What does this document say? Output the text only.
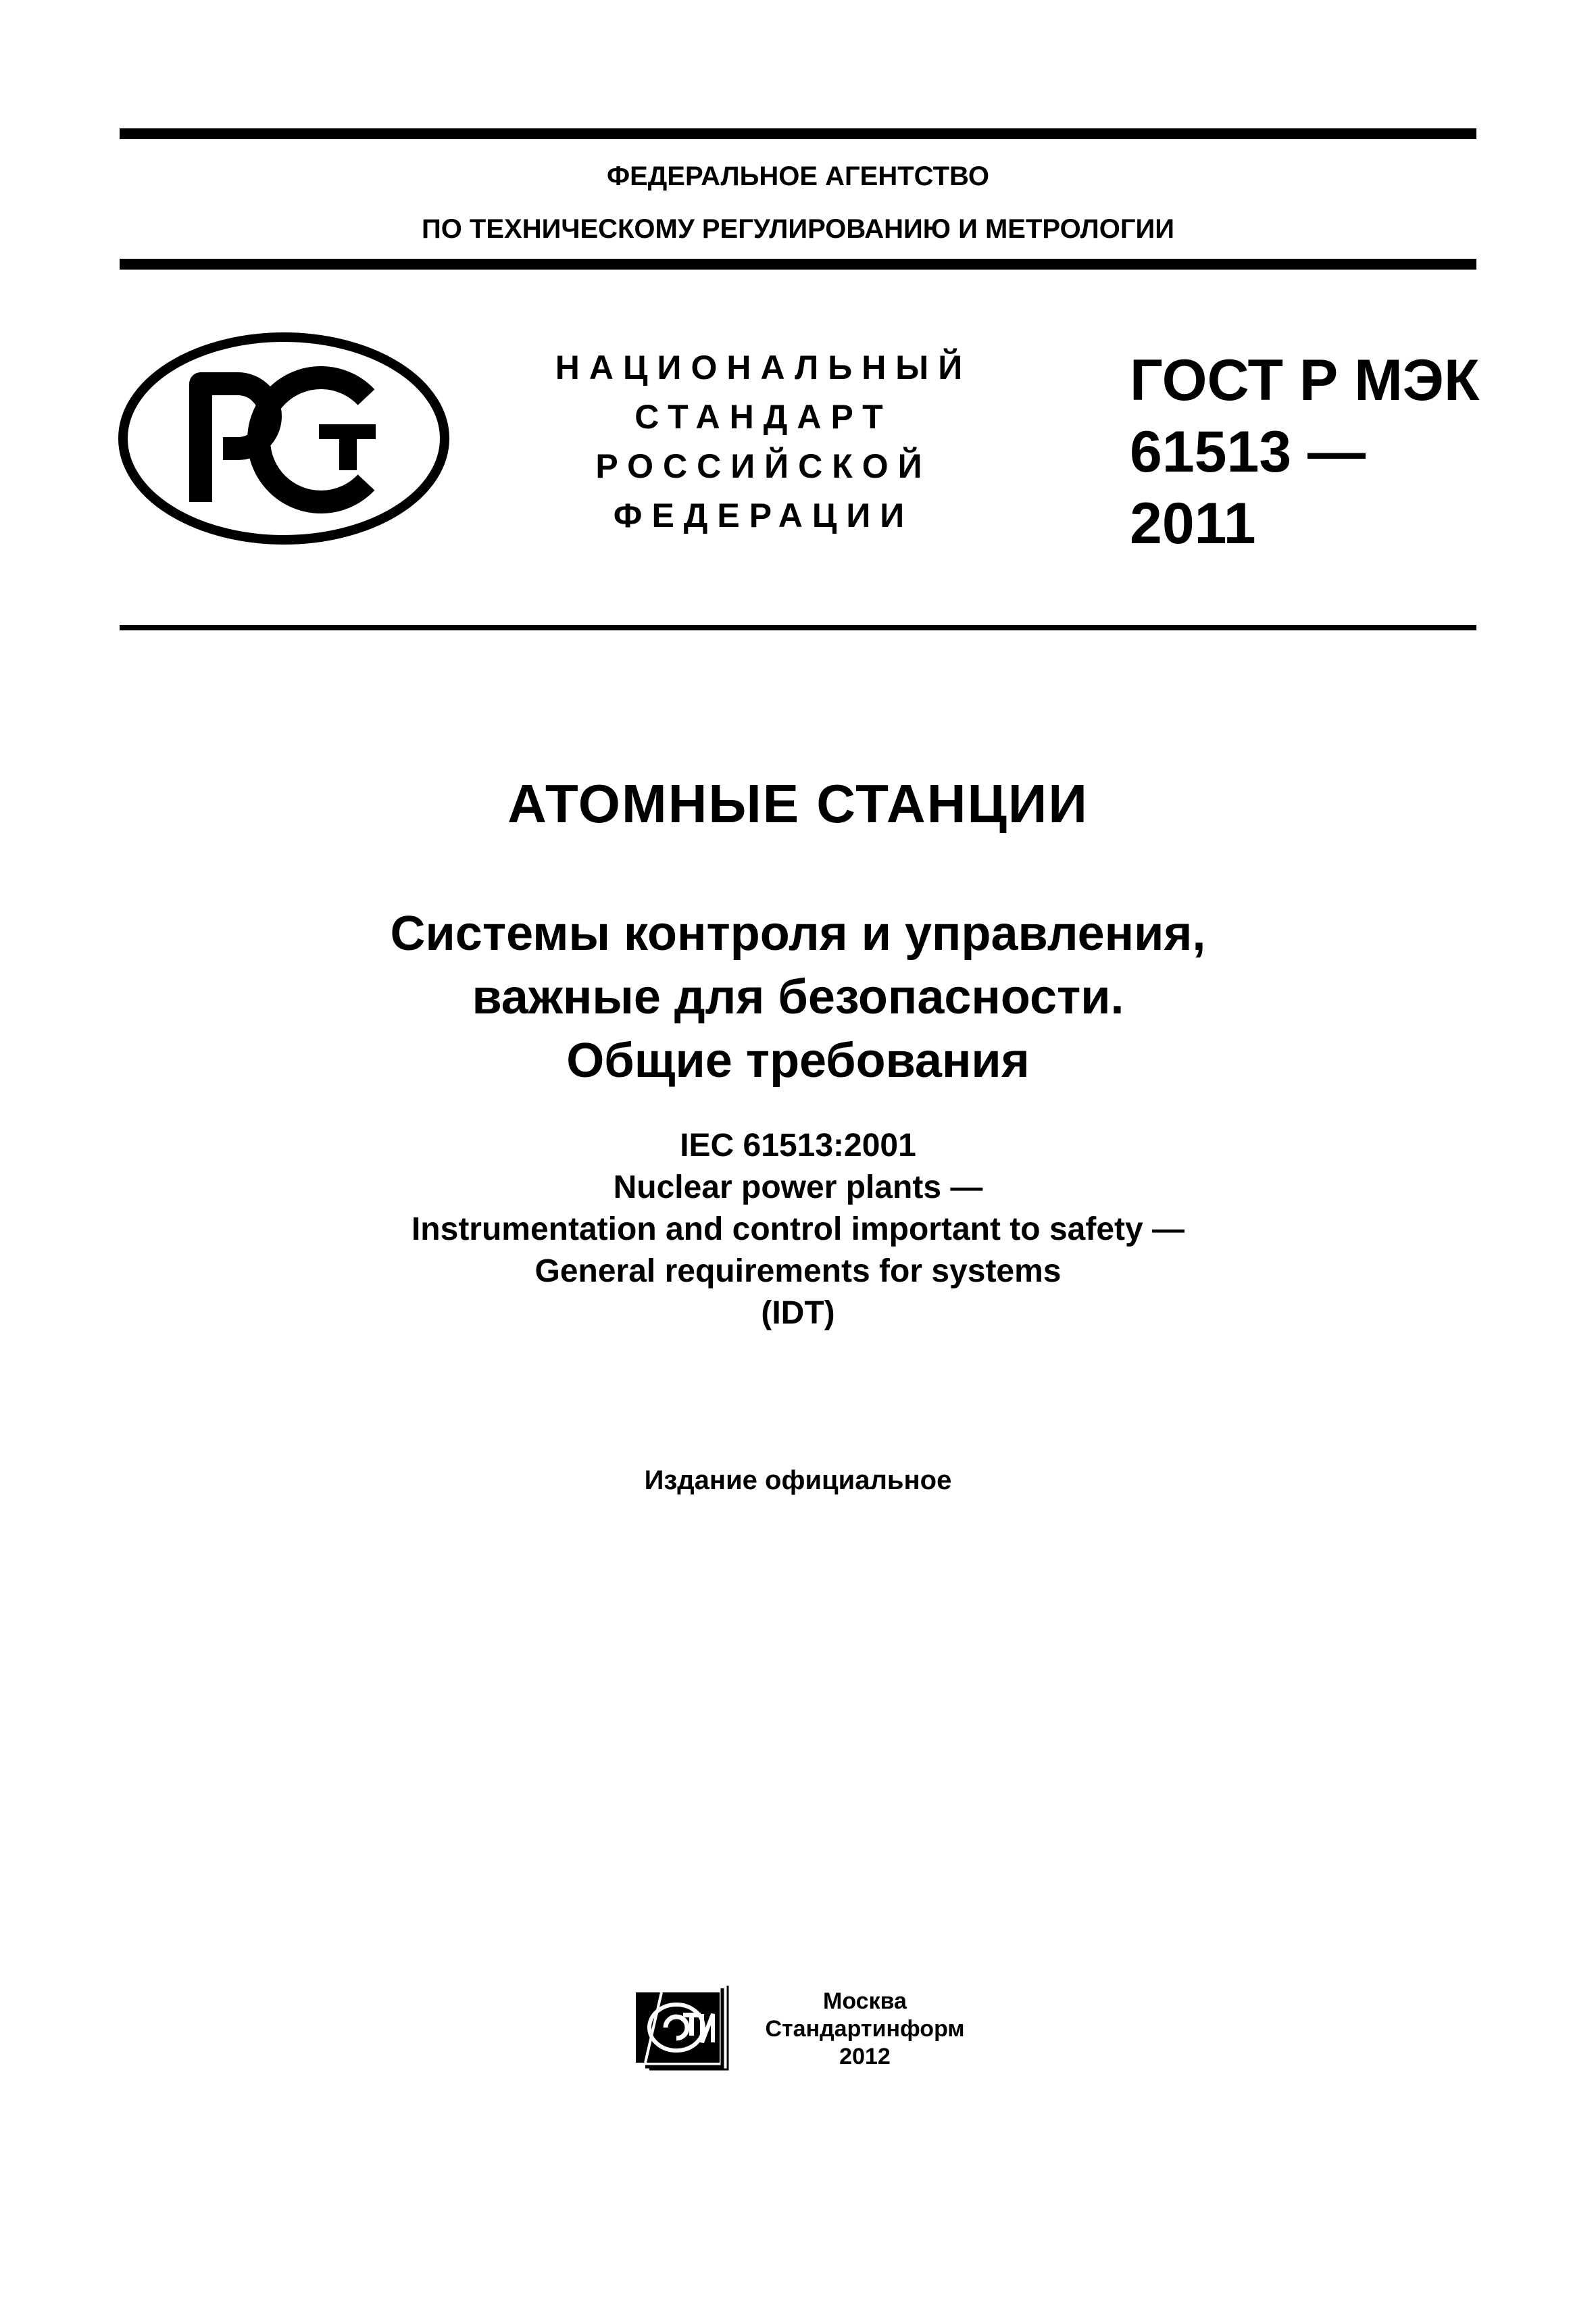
ФЕДЕРАЛЬНОЕ АГЕНТСТВО
ПО ТЕХНИЧЕСКОМУ РЕГУЛИРОВАНИЮ И МЕТРОЛОГИИ
НАЦИОНАЛЬНЫЙ
СТАНДАРТ
РОССИЙСКОЙ
ФЕДЕРАЦИИ
ГОСТ Р МЭК
61513 —
2011
АТОМНЫЕ СТАНЦИИ
Системы контроля и управления,
важные для безопасности.
Общие требования
IEC 61513:2001
Nuclear power plants —
Instrumentation and control important to safety —
General requirements for systems
(IDT)
Издание официальное
Москва
Стандартинформ
2012
